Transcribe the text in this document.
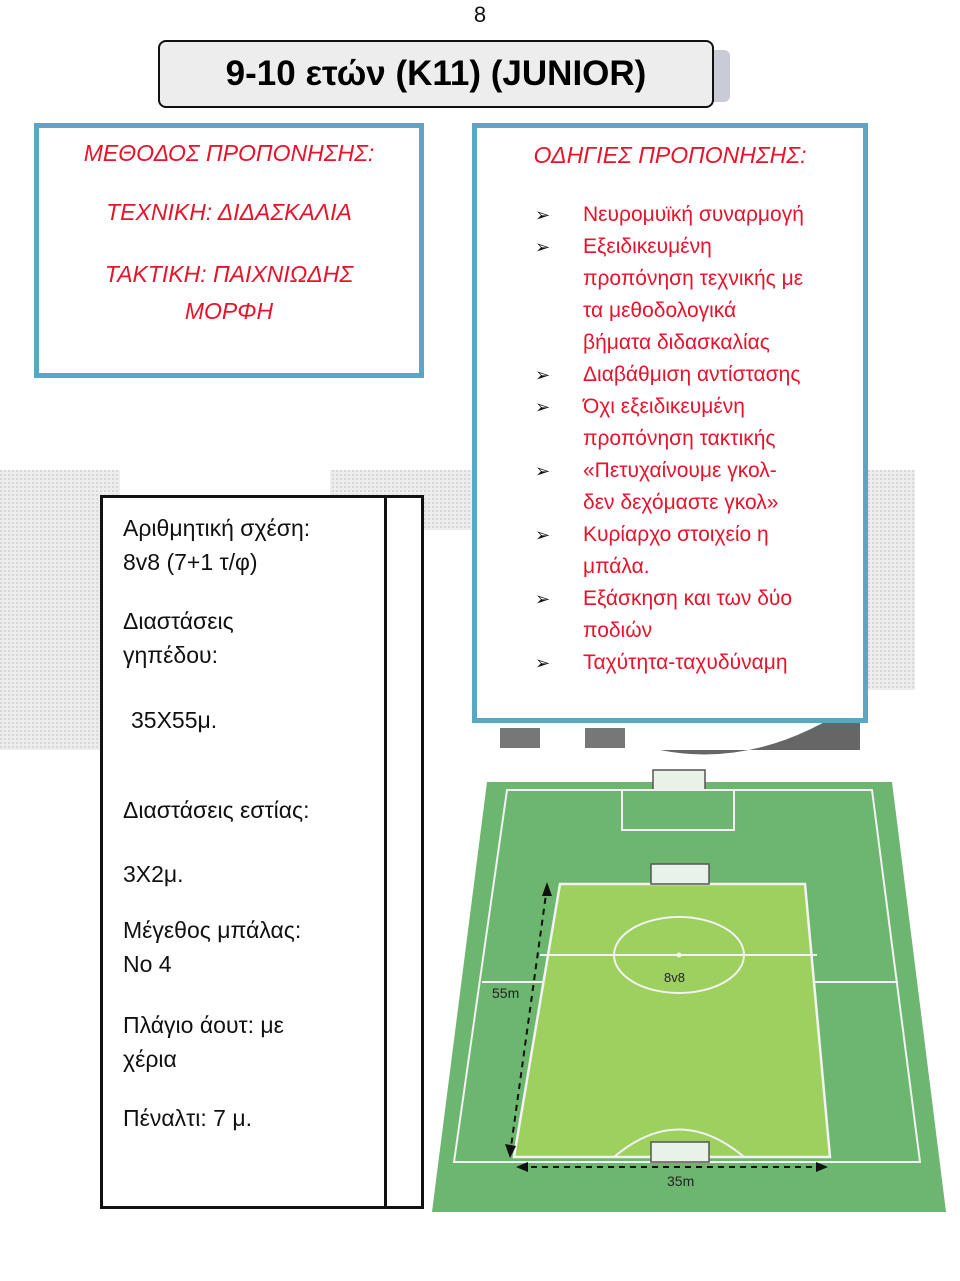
8
9-10 ετών (K11) (JUNIOR)
ΜΕΘΟΔΟΣ ΠΡΟΠΟΝΗΣΗΣ:
ΤΕΧΝΙΚΗ: ΔΙΔΑΣΚΑΛΙΑ
ΤΑΚΤΙΚΗ: ΠΑΙΧΝΙΩΔΗΣ
ΜΟΡΦΗ
ΟΔΗΓΙΕΣ ΠΡΟΠΟΝΗΣΗΣ:
➢ Νευρομυϊκή συναρμογή
➢ Εξειδικευμένη
προπόνηση τεχνικής με
τα μεθοδολογικά
βήματα διδασκαλίας
➢ Διαβάθμιση αντίστασης
➢ Όχι εξειδικευμένη
προπόνηση τακτικής
➢ «Πετυχαίνουμε γκολ-
δεν δεχόμαστε γκολ»
➢ Κυρίαρχο στοιχείο η
μπάλα.
➢ Εξάσκηση και των δύο
ποδιών
➢ Ταχύτητα-ταχυδύναμη
Αριθμητική σχέση:
8v8 (7+1 τ/φ)
Διαστάσεις
γηπέδου:
35Χ55μ.
Διαστάσεις εστίας:
3Χ2μ.
Μέγεθος μπάλας:
Νο 4
Πλάγιο άουτ: με
χέρια
Πέναλτι: 7 μ.
55m
8v8
35m
